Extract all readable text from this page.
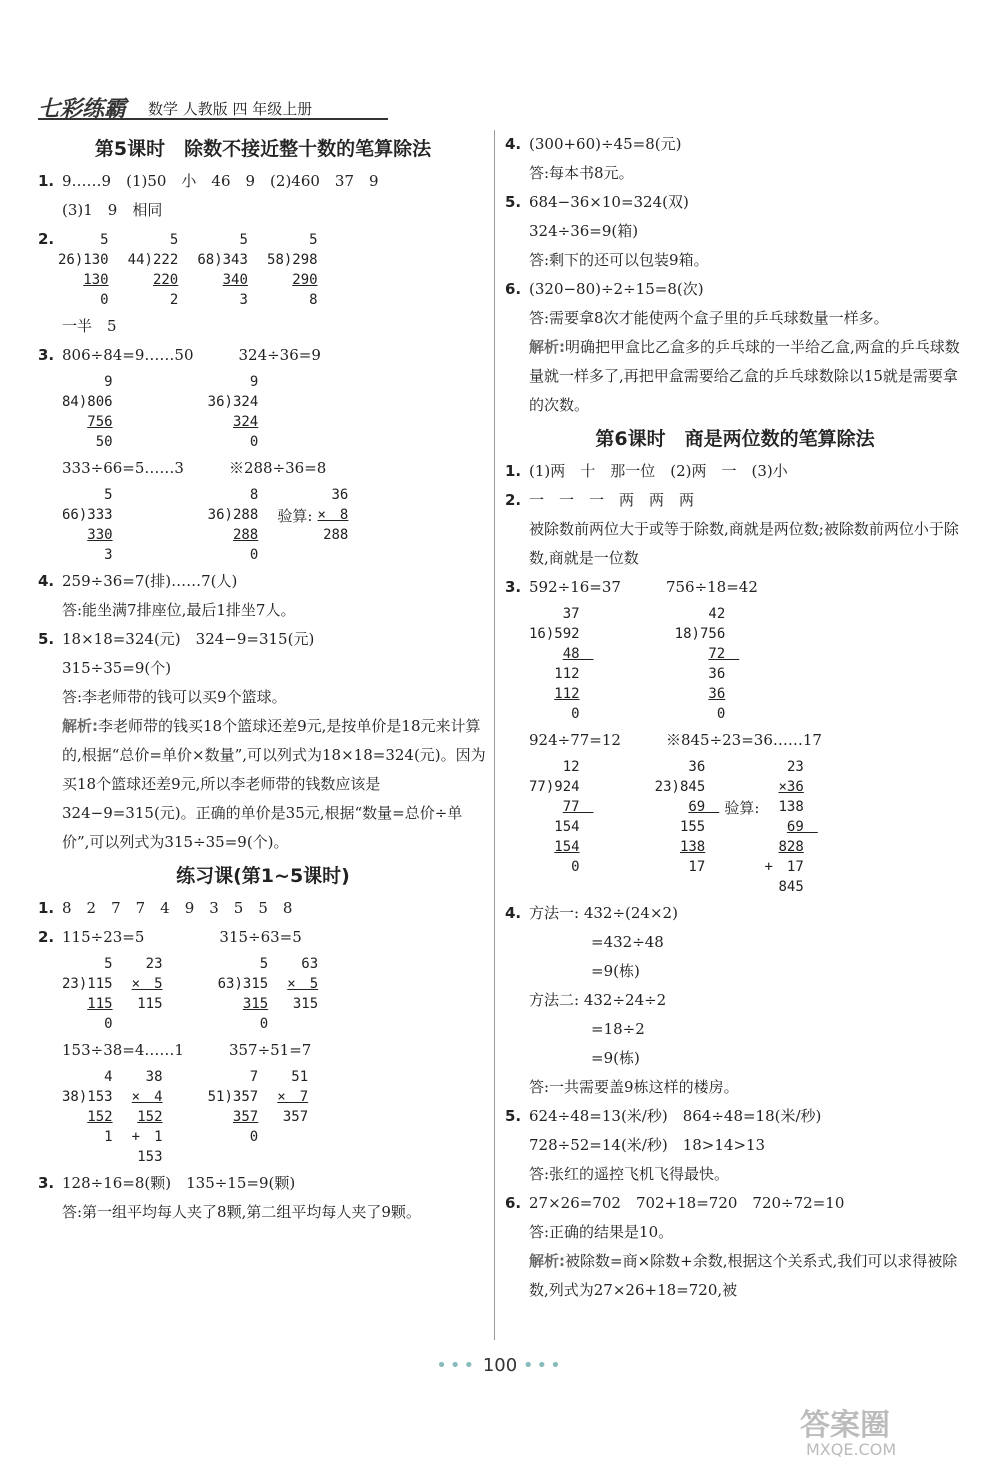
七彩练霸 数学 人教版 四 年级上册
第5课时　除数不接近整十数的笔算除法
1. 9……9　(1)50　小　46　9　(2)460　37　9
(3)1　9　相同
2.	5
26)130
130
0

5
44)222
220
2

5
68)343
340
3

5
58)298
290
8
一半　5
3. 806÷84=9……50　　　324÷36=9
9
84)806
756
50

9
36)324
324
0
333÷66=5……3　　　※288÷36=8
5
66)333
330
3

8
36)288
288
0
验算:
36
×　8
288
4. 259÷36=7(排)……7(人)
答:能坐满7排座位,最后1排坐7人。
5. 18×18=324(元)　324−9=315(元)
315÷35=9(个)
答:李老师带的钱可以买9个篮球。
解析:李老师带的钱买18个篮球还差9元,是按单价是18元来计算的,根据“总价=单价×数量”,可以列式为18×18=324(元)。因为买18个篮球还差9元,所以李老师带的钱数应该是324−9=315(元)。正确的单价是35元,根据“数量=总价÷单价”,可以列式为315÷35=9(个)。
练习课(第1~5课时)
1. 8　2　7　7　4　9　3　5　5　8
2. 115÷23=5　　　　　315÷63=5
5
23)115
115
0

23
×　5
115

5
63)315
315
0

63
×　5
315
153÷38=4……1　　　357÷51=7
4
38)153
152
1

38
×　4
152
+　1
153

7
51)357
357
0

51
×　7
357
3. 128÷16=8(颗)　135÷15=9(颗)
答:第一组平均每人夹了8颗,第二组平均每人夹了9颗。
4. (300+60)÷45=8(元)
答:每本书8元。
5. 684−36×10=324(双)
324÷36=9(箱)
答:剩下的还可以包装9箱。
6. (320−80)÷2÷15=8(次)
答:需要拿8次才能使两个盒子里的乒乓球数量一样多。
解析:明确把甲盒比乙盒多的乒乓球的一半给乙盒,两盒的乒乓球数量就一样多了,再把甲盒需要给乙盒的乒乓球数除以15就是需要拿的次数。
第6课时　商是两位数的笔算除法
1. (1)两　十　那一位　(2)两　一　(3)小
2. 一　一　一　两　两　两
被除数前两位大于或等于除数,商就是两位数;被除数前两位小于除数,商就是一位数
3. 592÷16=37　　　756÷18=42
37
16)592
48　
112
112
0

42
18)756
72　
36
36
0
924÷77=12　　　※845÷23=36……17
12
77)924
77　
154
154
0

36
23)845
69　
155
138
17
验算:
23
×36
138
69　
828
+　17
845
4. 方法一: 432÷(24×2)
=432÷48
=9(栋)
方法二: 432÷24÷2
=18÷2
=9(栋)
答:一共需要盖9栋这样的楼房。
5. 624÷48=13(米/秒)　864÷48=18(米/秒)
728÷52=14(米/秒)　18>14>13
答:张红的遥控飞机飞得最快。
6. 27×26=702　702+18=720　720÷72=10
答:正确的结果是10。
解析:被除数=商×除数+余数,根据这个关系式,我们可以求得被除数,列式为27×26+18=720,被
••• 100 •••
答案圈
MXQE.COM
